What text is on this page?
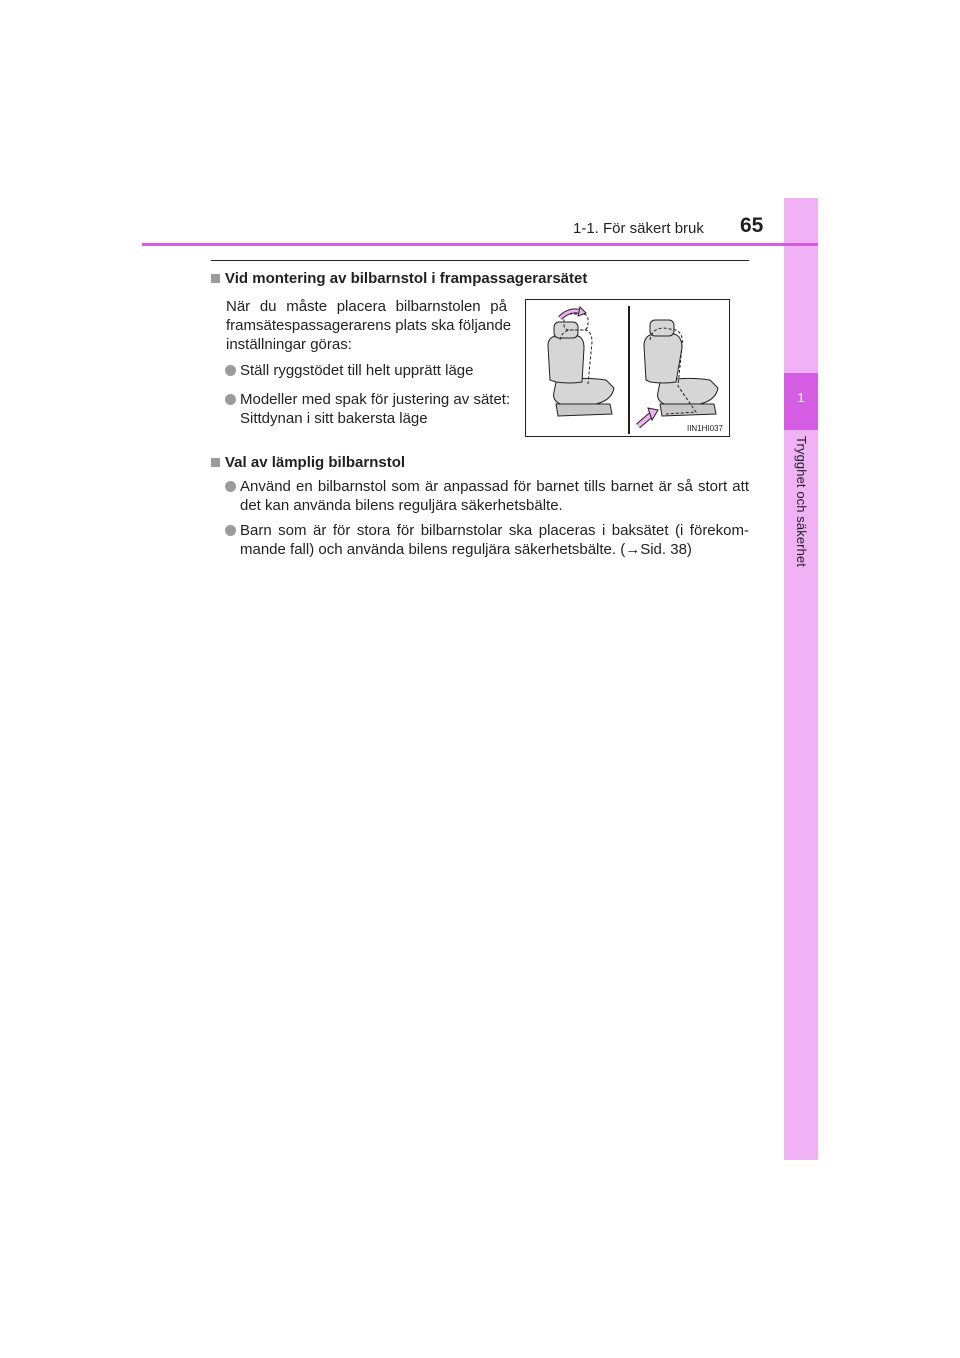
1
Trygghet och säkerhet
1-1. För säkert bruk 65
Vid montering av bilbarnstol i frampassagerarsätet
När du måste placera bilbarnstolen på
framsätespassagerarens plats ska följande
inställningar göras:
Ställ ryggstödet till helt upprätt läge
Modeller med spak för justering av sätet:
Sittdynan i sitt bakersta läge
IIN1HI037
Val av lämplig bilbarnstol
Använd en bilbarnstol som är anpassad för barnet tills barnet är så stort att
det kan använda bilens reguljära säkerhetsbälte.
Barn som är för stora för bilbarnstolar ska placeras i baksätet (i förekom-
mande fall) och använda bilens reguljära säkerhetsbälte. (→Sid. 38)
